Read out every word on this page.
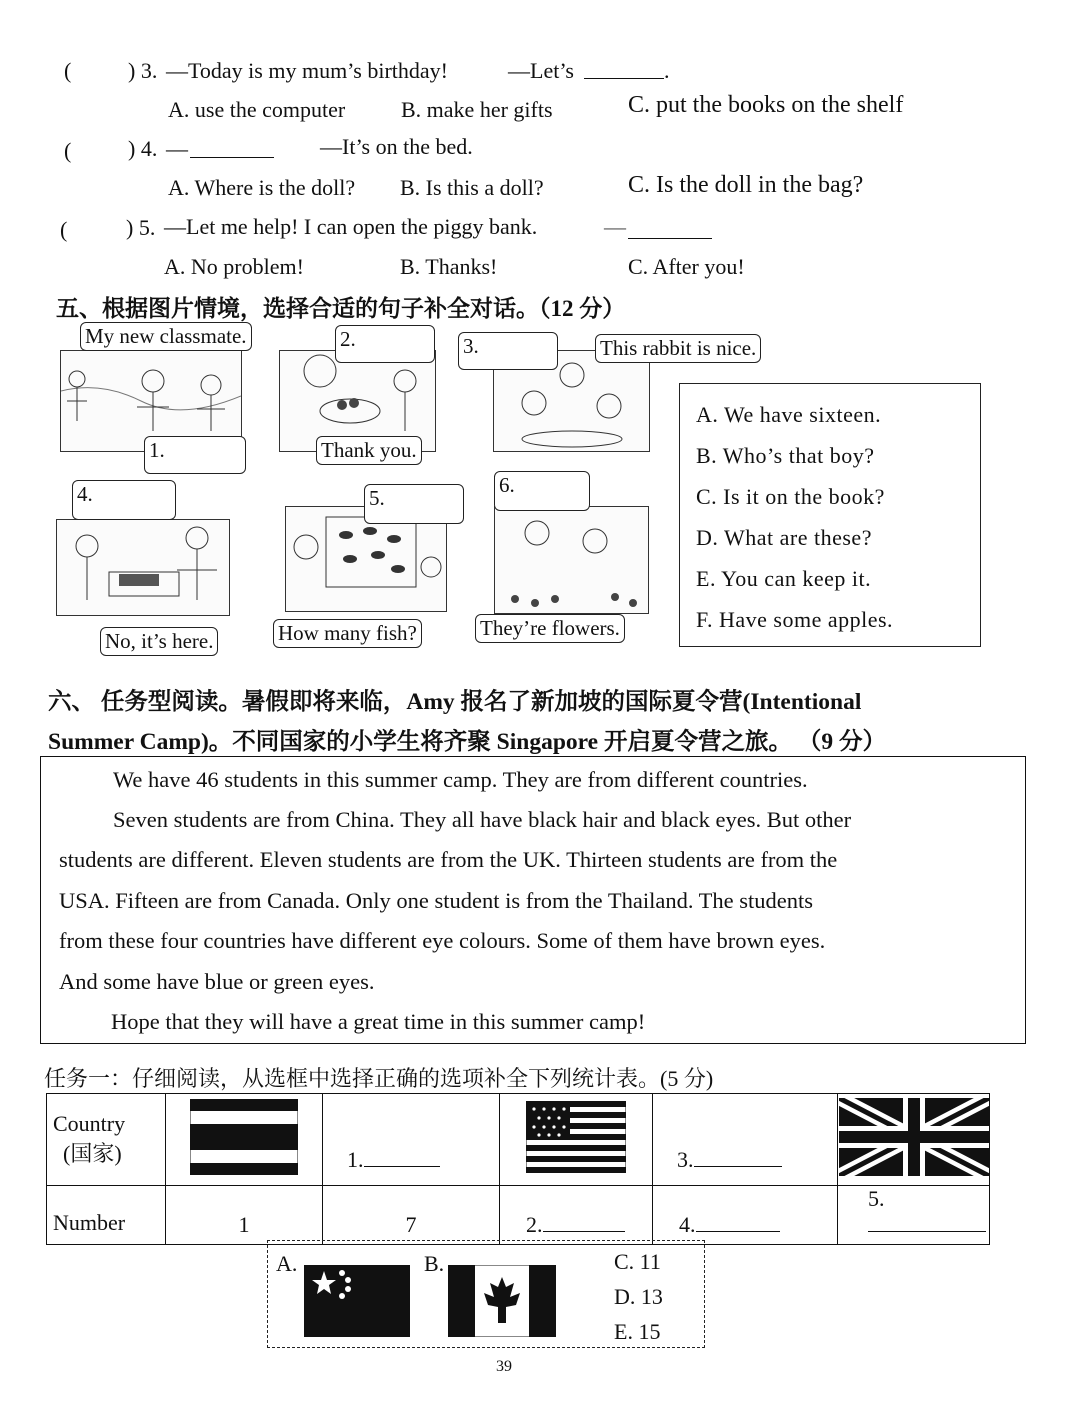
(	) 3. —Today is my mum’s birthday!	—Let’s	.
A. use the computer	B. make her gifts	C. put the books on the shelf
(	) 4. —	—It’s on the bed.
A. Where is the doll? B. Is this a doll?	C. Is the doll in the bag?
(	) 5. —Let me help! I can open the piggy bank.	—
A. No problem!	B. Thanks!	C. After you!
五、根据图片情境，选择合适的句子补全对话。（12 分）
My new classmate.
1.
2.
Thank you.
3.	This rabbit is nice.
4.
No, it’s here.
5.
How many fish?
6.
They’re flowers.
A. We have sixteen.
B. Who’s that boy?
C. Is it on the book?
D. What are these?
E. You can keep it.
F. Have some apples.
六、 任务型阅读。暑假即将来临，Amy 报名了新加坡的国际夏令营(Intentional
Summer Camp)。不同国家的小学生将齐聚 Singapore 开启夏令营之旅。 （9 分）

We have 46 students in this summer camp. They are from different countries.

Seven students are from China. They all have black hair and black eyes. But other

students are different. Eleven students are from the UK. Thirteen students are from the

USA. Fifteen are from Canada. Only one student is from the Thailand. The students

from these four countries have different eye colours. Some of them have brown eyes.

And some have blue or green eyes.

Hope that they will have a great time in this summer camp!

任务一：仔细阅读，从选框中选择正确的选项补全下列统计表。(5 分)
Country
(国家)		1.		3.	
Number	1	7	2.	4.	5.
A.	B.	C. 11
D. 13
E. 15
39
